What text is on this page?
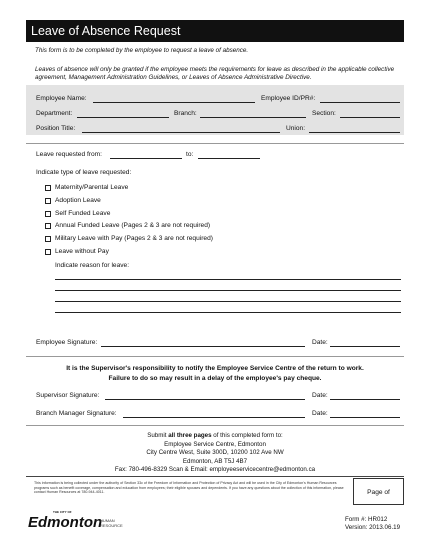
Leave of Absence Request
This form is to be completed by the employee to request a leave of absence.
Leaves of absence will only be granted if the employee meets the requirements for leave as described in the applicable collective agreement, Management Administration Guidelines, or Leaves of Absence Administrative Directive.
Employee Name:	Employee ID/PR#:
Department:	Branch:	Section:
Position Title:	Union:
Leave requested from:	to:
Indicate type of leave requested:
Maternity/Parental Leave
Adoption Leave
Self Funded Leave
Annual Funded Leave (Pages 2 & 3 are not required)
Military Leave with Pay (Pages 2 & 3 are not required)
Leave without Pay
Indicate reason for leave:
Employee Signature:	Date:
It is the Supervisor's responsibility to notify the Employee Service Centre of the return to work.
Failure to do so may result in a delay of the employee's pay cheque.
Supervisor Signature:	Date:
Branch Manager Signature:	Date:
Submit all three pages of this completed form to:
Employee Service Centre, Edmonton
City Centre West, Suite 300D, 10200 102 Ave NW
Edmonton, AB T5J 4B7
Fax: 780-496-8329 Scan & Email: employeeservicecentre@edmonton.ca
This information is being collected under the authority of Section 33c of the Freedom of Information and Protection of Privacy Act and will be used in the City of Edmonton's Human Resources programs such as benefit coverage, compensation and education from employees; their eligible spouses and dependents. If you have any questions about the collection of this information, please contact Human Resources at 780-944-4011.	Page of
THE CITY OF
Edmonton
HUMAN
RESOURCES
Form #: HR012
Version: 2013.06.19
